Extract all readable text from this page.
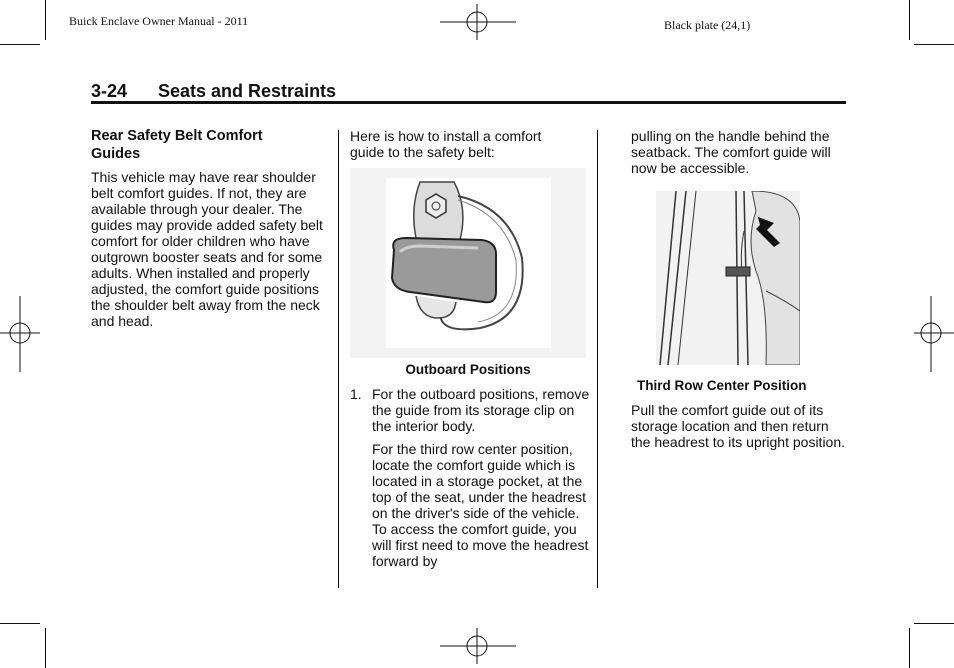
Buick Enclave Owner Manual - 2011	Black plate (24,1)
3-24 Seats and Restraints
Rear Safety Belt Comfort Guides
This vehicle may have rear shoulder belt comfort guides. If not, they are available through your dealer. The guides may provide added safety belt comfort for older children who have outgrown booster seats and for some adults. When installed and properly adjusted, the comfort guide positions the shoulder belt away from the neck and head.
Here is how to install a comfort guide to the safety belt:
Outboard Positions
1. For the outboard positions, remove the guide from its storage clip on the interior body.
For the third row center position, locate the comfort guide which is located in a storage pocket, at the top of the seat, under the headrest on the driver's side of the vehicle. To access the comfort guide, you will first need to move the headrest forward by
pulling on the handle behind the seatback. The comfort guide will now be accessible.
Third Row Center Position
Pull the comfort guide out of its storage location and then return the headrest to its upright position.
